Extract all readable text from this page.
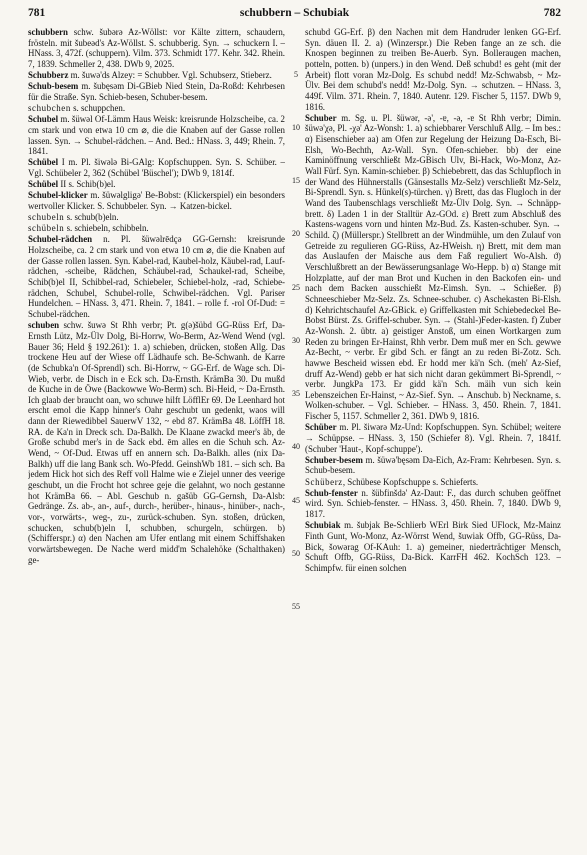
781	schubbern – Schubiak	782

schubbern schw. šubərə Az-Wöllst: vor Kälte zittern, schaudern, frösteln. mit šubeəd's Az-Wöllst. S. schubberig. Syn. → schuckern I. – HNass. 3, 472f. (schuppern). Vilm. 373. Schmidt 177. Kehr. 342. Rhein. 7, 1839. Schmeller 2, 438. DWb 9, 2025.

Schubberz m. šuwə'ds Alzey: = Schubber. Vgl. Schubserz, Stieberz.

Schub-besem m. šubęsəm Di-GBieb Nied Stein, Da-Roßd: Kehrbesen für die Straße. Syn. Schieb-besen, Schuber-besem.

schubchen s. schuppchen.

Schubel m. šüwəl Of-Lämm Haus Weisk: kreisrunde Holzscheibe, ca. 2 cm stark und von etwa 10 cm ⌀, die die Knaben auf der Gasse rollen lassen. Syn. → Schubel-rädchen. – And. Bed.: HNass. 3, 449; Rhein. 7, 1841.

Schübel I m. Pl. šiwələ Bi-GAlg: Kopfschuppen. Syn. S. Schüber. – Vgl. Schübeler 2, 362 (Schübel 'Büschel'); DWb 9, 1814f.

Schübel II s. Schib(b)el.

Schubel-klicker m. šüwəlgligə' Be-Bobst: (Klickerspiel) ein besonders wertvoller Klicker. S. Schubbeler. Syn. → Katzen-bickel.

schubeln s. schub(b)eln.

schübeln s. schiebeln, schibbeln.

Schubel-rädchen n. Pl. šüwəlrēdçə GG-Gernsh: kreisrunde Holzscheibe, ca. 2 cm stark und von etwa 10 cm ⌀, die die Knaben auf der Gasse rollen lassen. Syn. Kabel-rad, Kaubel-holz, Käubel-rad, Lauf-rädchen, -scheibe, Rädchen, Schäubel-rad, Schaukel-rad, Scheibe, Schib(b)el II, Schibbel-rad, Schiebeler, Schiebel-holz, -rad, Schiebe-rädchen, Schubel, Schubel-rolle, Schwibel-rädchen. Vgl. Pariser Hundelchen. – HNass. 3, 471. Rhein. 7, 1841. – rolle f. -rol Of-Dud: = Schubel-rädchen.

schuben schw. šuwə St Rhh verbr; Pt. g(ə)šübd GG-Rüss Erf, Da-Ernsth Lütz, Mz-Ülv Dolg, Bi-Horrw, Wo-Berm, Az-Wend Wend (vgl. Bauer 36; Held § 192.261): 1. a) schieben, drücken, stoßen Allg. Das trockene Heu auf der Wiese off Lädhaufe sch. Be-Schwanh. de Karre (de Schubka'n Of-Sprendl) sch. Bi-Horrw, ~ GG-Erf. de Wage sch. Di-Wieb, verbr. de Disch in e Eck sch. Da-Ernsth. KrämBa 30. Du mußd de Kuche in de Öwe (Backowwe Wo-Berm) sch. Bi-Heid, ~ Da-Ernsth. Ich glaab der braucht oan, wo schuwe hilft LöfflEr 69. De Leenhard hot erscht emol die Kapp hinner's Oahr geschubt un gedenkt, waos will dann der Riewedibbel SauerwV 132, ~ ebd 87. KrämBa 48. LöffH 18. RA. de Ka'n in Dreck sch. Da-Balkh. De Klaane zwackd meer's äb, de Große schubd mer's in de Sack ebd. ēm alles en die Schuh sch. Az-Wend, ~ Of-Dud. Etwas uff en annern sch. Da-Balkh. alles (nix Da-Balkh) uff die lang Bank sch. Wo-Pfedd. GeinshWb 181. – sich sch. Ba jedem Hick hot sich des Reff voll Halme wie e Ziejel unner des veerige geschubt, un die Frocht hot schree geje die gelahnt, wo noch gestanne hot KrämBa 66. – Abl. Geschub n. gašüb GG-Gernsh, Da-Alsb: Gedränge. Zs. ab-, an-, auf-, durch-, herüber-, hinaus-, hinüber-, nach-, vor-, vorwärts-, weg-, zu-, zurück-schuben. Syn. stoßen, drücken, schucken, schub(b)eln I, schubben, schurgeln, schürgen. b) (Schifferspr.) α) den Nachen am Ufer entlang mit einem Schiffshaken vorwärtsbewegen. De Nache werd midd'm Schalehöke (Schalthaken) ge-

5
10
15
20
25
30
35
40
45
50
55

schubd GG-Erf. β) den Nachen mit dem Handruder lenken GG-Erf. Syn. däuen II. 2. a) (Winzerspr.) Die Reben fange an ze sch. die Knospen beginnen zu treiben Be-Auerb. Syn. Bolleraugen machen, potteln, potten. b) (unpers.) in den Wend. Deß schubd! es geht (mit der Arbeit) flott voran Mz-Dolg. Es schubd nedd! Mz-Schwabsb, ~ Mz-Ülv. Bei dem schubd's nedd! Mz-Dolg. Syn. → schutzen. – HNass. 3, 449f. Vilm. 371. Rhein. 7, 1840. Autenr. 129. Fischer 5, 1157. DWb 9, 1816.

Schuber m. Sg. u. Pl. šüwər, -ə', -ɐ, -ə, -ɐ St Rhh verbr; Dimin. šüwə'χə, Pl. -χə' Az-Wonsh: 1. a) schiebbarer Verschluß Allg. – Im bes.: α) Eisenschieber aa) am Ofen zur Regelung der Heizung Da-Esch, Bi-Elsh, Wo-Bechth, Az-Wall. Syn. Ofen-schieber. bb) der eine Kaminöffnung verschließt Mz-GBisch Ulv, Bi-Hack, Wo-Monz, Az-Wall Fürf. Syn. Kamin-schieber. β) Schiebebrett, das das Schlupfloch in der Wand des Hühnerstalls (Gänsestalls Mz-Selz) verschließt Mz-Selz, Bi-Sprendl. Syn. s. Hünkel(s)-türchen. γ) Brett, das das Flugloch in der Wand des Taubenschlags verschließt Mz-Ülv Dolg. Syn. → Schnäpp-brett. δ) Laden 1 in der Stalltür Az-GOd. ε) Brett zum Abschluß des Kastens-wagens vorn und hinten Mz-Bud. Zs. Kasten-schuber. Syn. → Schild. ζ) (Müllerspr.) Stellbrett an der Windmühle, um den Zulauf von Getreide zu regulieren GG-Rüss, Az-HWeish. η) Brett, mit dem man das Auslaufen der Maische aus dem Faß reguliert Wo-Alsh. ϑ) Verschlußbrett an der Bewässerungsanlage Wo-Hepp. b) α) Stange mit Holzplatte, auf der man Brot und Kuchen in den Backofen ein- und nach dem Backen ausschießt Mz-Eimsh. Syn. → Schießer. β) Schneeschieber Mz-Selz. Zs. Schnee-schuber. c) Aschekasten Bi-Elsh. d) Kehrichtschaufel Az-GBick. e) Griffelkasten mit Schiebedeckel Be-Bobst Bürst. Zs. Griffel-schuber. Syn. → (Stahl-)Feder-kasten. f) Zuber Az-Wonsh. 2. übtr. a) geistiger Anstoß, um einen Wortkargen zum Reden zu bringen Er-Hainst, Rhh verbr. Dem muß mer en Sch. gewwe Az-Becht, ~ verbr. Er gibd Sch. er fängt an zu reden Bi-Zotz. Sch. hawwe Bescheid wissen ebd. Er hodd mer kä'n Sch. (meh' Az-Sief, druff Az-Wend) gebb er hat sich nicht daran gekümmert Bi-Sprendl, ~ verbr. JungkPa 173. Er gidd kä'n Sch. mäih vun sich kein Lebenszeichen Er-Hainst, ~ Az-Sief. Syn. → Anschub. b) Neckname, s. Wolken-schuber. – Vgl. Schieber. – HNass. 3, 450. Rhein. 7, 1841. Fischer 5, 1157. Schmeller 2, 361. DWb 9, 1816.

Schüber m. Pl. šiwərə Mz-Und: Kopfschuppen. Syn. Schübel; weitere → Schüppse. – HNass. 3, 150 (Schiefer 8). Vgl. Rhein. 7, 1841f. (Schuber 'Haut-, Kopf-schuppe').

Schuber-besem m. šüwə'bęsəm Da-Eich, Az-Fram: Kehrbesen. Syn. s. Schub-besem.

Schüberz, Schübese Kopfschuppe s. Schieferts.

Schub-fenster n. šübfinšdə' Az-Daut: F., das durch schuben geöffnet wird. Syn. Schieb-fenster. – HNass. 3, 450. Rhein. 7, 1840. DWb 9, 1817.

Schubiak m. šubjak Be-Schlierb WErl Birk Sied UFlock, Mz-Mainz Finth Gunt, Wo-Monz, Az-Wörrst Wend, šuwiak Offb, GG-Rüss, Da-Bick, šowərag Of-KAuh: 1. a) gemeiner, niederträchtiger Mensch, Schuft Offb, GG-Rüss, Da-Bick. KarrFH 462. KochSch 123. – Schimpfw. für einen solchen
